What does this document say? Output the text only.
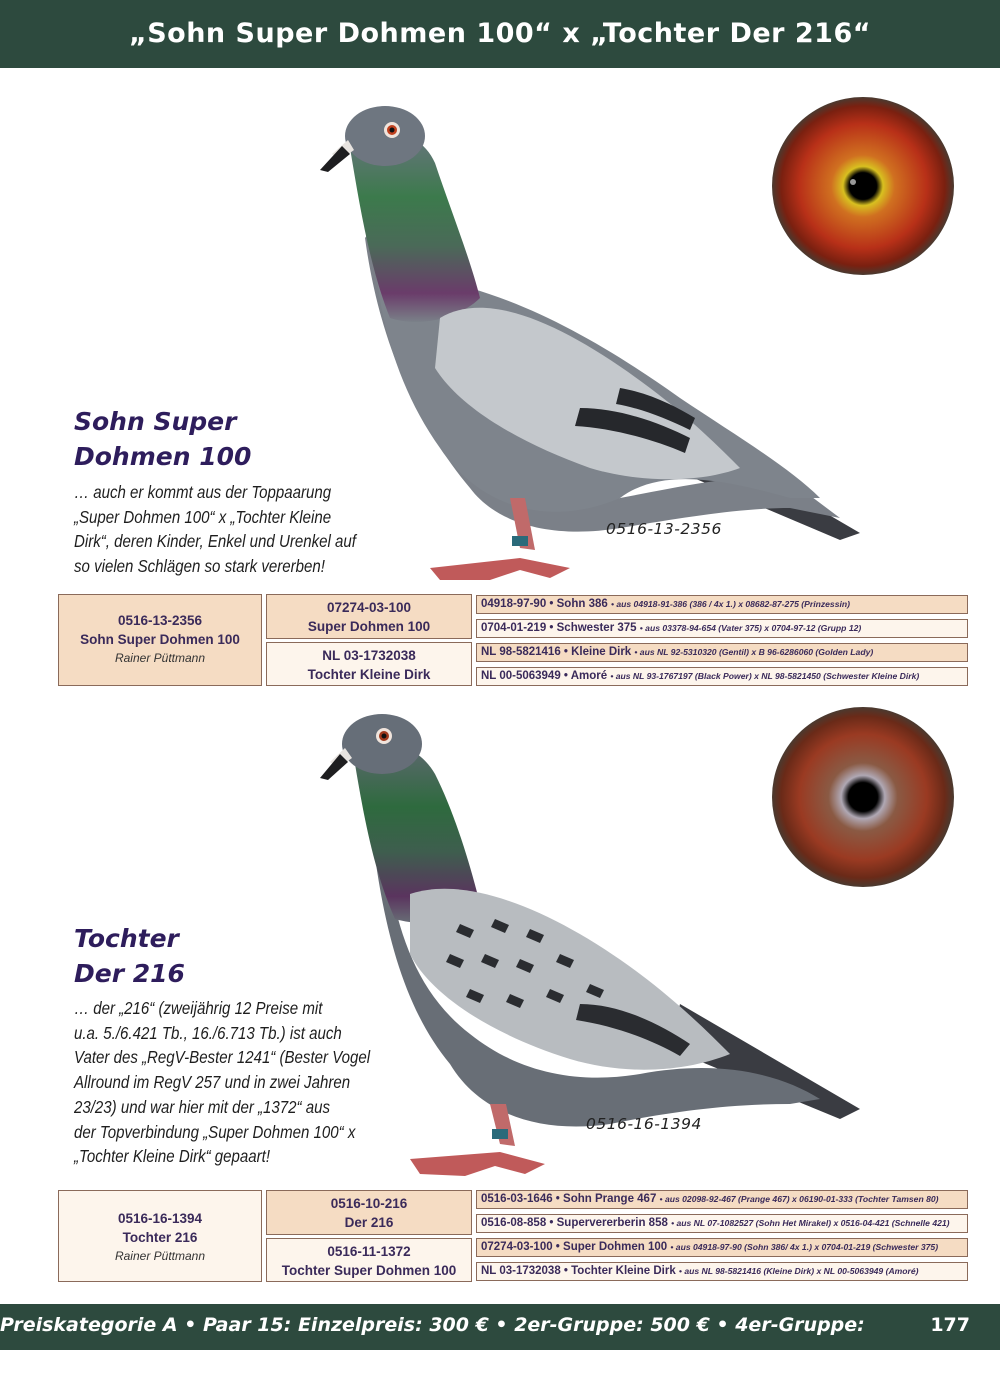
„Sohn Super Dohmen 100“ x „Tochter Der 216“
Sohn Super
Dohmen 100
… auch er kommt aus der Toppaarung
„Super Dohmen 100“ x „Tochter Kleine
Dirk“, deren Kinder, Enkel und Urenkel auf
so vielen Schlägen so stark vererben!
0516-13-2356
0516-13-2356
Sohn Super Dohmen 100
Rainer Püttmann
07274-03-100
Super Dohmen 100
NL 03-1732038
Tochter Kleine Dirk
04918-97-90 • Sohn 386 • aus 04918-91-386 (386 / 4x 1.) x 08682-87-275 (Prinzessin)
0704-01-219 • Schwester 375 • aus 03378-94-654 (Vater 375) x 0704-97-12 (Grupp 12)
NL 98-5821416 • Kleine Dirk • aus NL 92-5310320 (Gentil) x B 96-6286060 (Golden Lady)
NL 00-5063949 • Amoré • aus NL 93-1767197 (Black Power) x NL 98-5821450 (Schwester Kleine Dirk)
Tochter
Der 216
… der „216“ (zweijährig 12 Preise mit
u.a. 5./6.421 Tb., 16./6.713 Tb.) ist auch
Vater des „RegV-Bester 1241“ (Bester Vogel
Allround im RegV 257 und in zwei Jahren
23/23) und war hier mit der „1372“ aus
der Topverbindung „Super Dohmen 100“ x
„Tochter Kleine Dirk“ gepaart!
0516-16-1394
0516-16-1394
Tochter 216
Rainer Püttmann
0516-10-216
Der 216
0516-11-1372
Tochter Super Dohmen 100
0516-03-1646 • Sohn Prange 467 • aus 02098-92-467 (Prange 467) x 06190-01-333 (Tochter Tamsen 80)
0516-08-858 • Supervererberin 858 • aus NL 07-1082527 (Sohn Het Mirakel) x 0516-04-421 (Schnelle 421)
07274-03-100 • Super Dohmen 100 • aus 04918-97-90 (Sohn 386/ 4x 1.) x 0704-01-219 (Schwester 375)
NL 03-1732038 • Tochter Kleine Dirk • aus NL 98-5821416 (Kleine Dirk) x NL 00-5063949 (Amoré)
Preiskategorie A • Paar 15: Einzelpreis: 300 € • 2er-Gruppe: 500 € • 4er-Gruppe: 900 €
177
